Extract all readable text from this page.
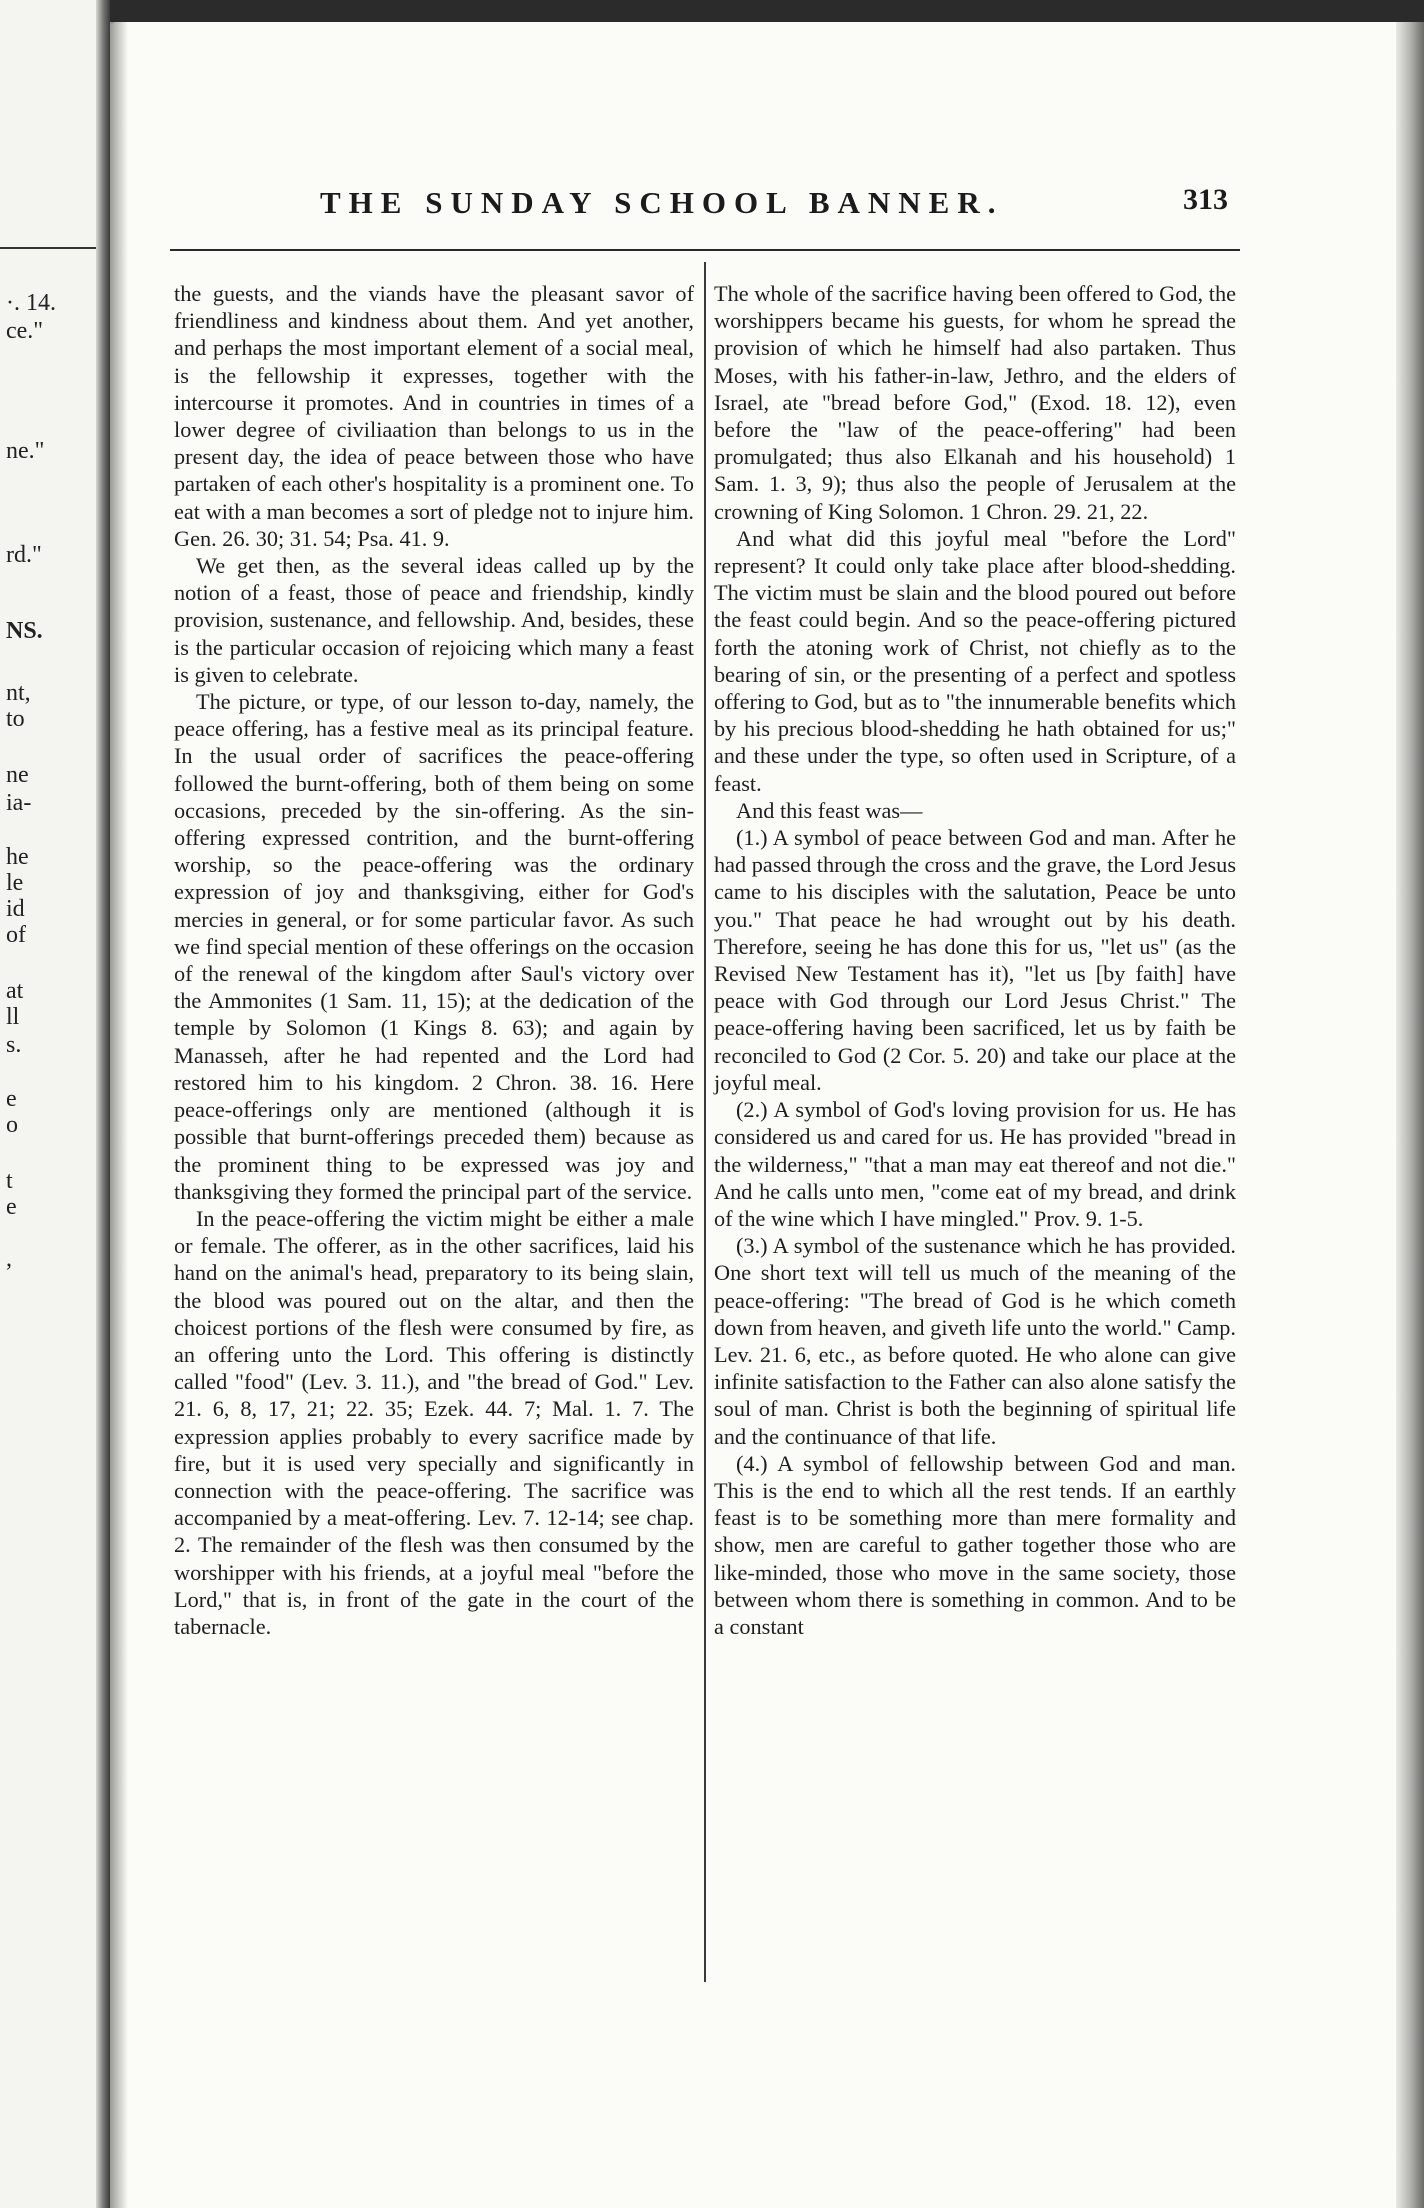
·. 14.
ce."
ne."
rd."
NS.
nt,
to
ne
ia-
he
le
id
of
at
ll
s.
e
o
t
e
,
THE SUNDAY SCHOOL BANNER.	313

the guests, and the viands have the pleasant savor of friendliness and kindness about them. And yet another, and perhaps the most important element of a social meal, is the fellowship it expresses, together with the intercourse it promotes. And in countries in times of a lower degree of civiliaation than belongs to us in the present day, the idea of peace between those who have partaken of each other's hospitality is a prominent one. To eat with a man becomes a sort of pledge not to injure him. Gen. 26. 30; 31. 54; Psa. 41. 9.

We get then, as the several ideas called up by the notion of a feast, those of peace and friendship, kindly provision, sustenance, and fellowship. And, besides, these is the particular occasion of rejoicing which many a feast is given to celebrate.

The picture, or type, of our lesson to-day, namely, the peace offering, has a festive meal as its principal feature. In the usual order of sacrifices the peace-offering followed the burnt-offering, both of them being on some occasions, preceded by the sin-offering. As the sin-offering expressed contrition, and the burnt-offering worship, so the peace-offering was the ordinary expression of joy and thanksgiving, either for God's mercies in general, or for some particular favor. As such we find special mention of these offerings on the occasion of the renewal of the kingdom after Saul's victory over the Ammonites (1 Sam. 11, 15); at the dedication of the temple by Solomon (1 Kings 8. 63); and again by Manasseh, after he had repented and the Lord had restored him to his kingdom. 2 Chron. 38. 16. Here peace-offerings only are mentioned (although it is possible that burnt-offerings preceded them) because as the prominent thing to be expressed was joy and thanksgiving they formed the principal part of the service.

In the peace-offering the victim might be either a male or female. The offerer, as in the other sacrifices, laid his hand on the animal's head, preparatory to its being slain, the blood was poured out on the altar, and then the choicest portions of the flesh were consumed by fire, as an offering unto the Lord. This offering is distinctly called "food" (Lev. 3. 11.), and "the bread of God." Lev. 21. 6, 8, 17, 21; 22. 35; Ezek. 44. 7; Mal. 1. 7. The expression applies probably to every sacrifice made by fire, but it is used very specially and significantly in connection with the peace-offering. The sacrifice was accompanied by a meat-offering. Lev. 7. 12-14; see chap. 2. The remainder of the flesh was then consumed by the worshipper with his friends, at a joyful meal "before the Lord," that is, in front of the gate in the court of the tabernacle.

The whole of the sacrifice having been offered to God, the worshippers became his guests, for whom he spread the provision of which he himself had also partaken. Thus Moses, with his father-in-law, Jethro, and the elders of Israel, ate "bread before God," (Exod. 18. 12), even before the "law of the peace-offering" had been promulgated; thus also Elkanah and his household) 1 Sam. 1. 3, 9); thus also the people of Jerusalem at the crowning of King Solomon. 1 Chron. 29. 21, 22.

And what did this joyful meal "before the Lord" represent? It could only take place after blood-shedding. The victim must be slain and the blood poured out before the feast could begin. And so the peace-offering pictured forth the atoning work of Christ, not chiefly as to the bearing of sin, or the presenting of a perfect and spotless offering to God, but as to "the innumerable benefits which by his precious blood-shedding he hath obtained for us;" and these under the type, so often used in Scripture, of a feast.

And this feast was—

(1.) A symbol of peace between God and man. After he had passed through the cross and the grave, the Lord Jesus came to his disciples with the salutation, Peace be unto you." That peace he had wrought out by his death. Therefore, seeing he has done this for us, "let us" (as the Revised New Testament has it), "let us [by faith] have peace with God through our Lord Jesus Christ." The peace-offering having been sacrificed, let us by faith be reconciled to God (2 Cor. 5. 20) and take our place at the joyful meal.

(2.) A symbol of God's loving provision for us. He has considered us and cared for us. He has provided "bread in the wilderness," "that a man may eat thereof and not die." And he calls unto men, "come eat of my bread, and drink of the wine which I have mingled." Prov. 9. 1-5.

(3.) A symbol of the sustenance which he has provided. One short text will tell us much of the meaning of the peace-offering: "The bread of God is he which cometh down from heaven, and giveth life unto the world." Camp. Lev. 21. 6, etc., as before quoted. He who alone can give infinite satisfaction to the Father can also alone satisfy the soul of man. Christ is both the beginning of spiritual life and the continuance of that life.

(4.) A symbol of fellowship between God and man. This is the end to which all the rest tends. If an earthly feast is to be something more than mere formality and show, men are careful to gather together those who are like-minded, those who move in the same society, those between whom there is something in common. And to be a constant
